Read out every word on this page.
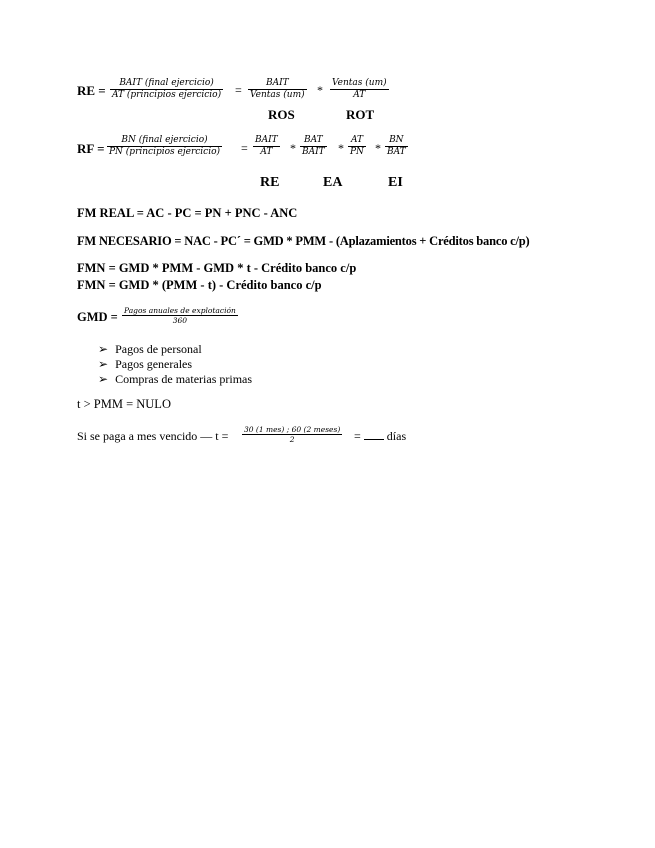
RE =	BAIT (final ejercicio)
AT (principios ejercicio) =	BAIT
Ventas (um) * Ventas (um)
AT
ROS	ROT
RF =
BN (final ejercicio)
PN (principios ejercicio) =
BAIT
AT	*
BAT
BAIT * $\frac{AT}{PN}$ *
BN
BAT
RE	EA	EI
FM REAL = AC - PC = PN + PNC - ANC
FM NECESARIO = NAC - PC´ = GMD * PMM - (Aplazamientos + Créditos banco c/p)
FMN = GMD * PMM - GMD * t - Crédito banco c/p
FMN = GMD * (PMM - t) - Crédito banco c/p
GMD = Pagos anuales de explotación
360
➢ Pagos de personal
➢ Pagos generales
➢ Compras de materias primas
t > PMM = NULO
Si se paga a mes vencido — t = 30 (1 mes) ; 60 (2 meses)
2	= días
